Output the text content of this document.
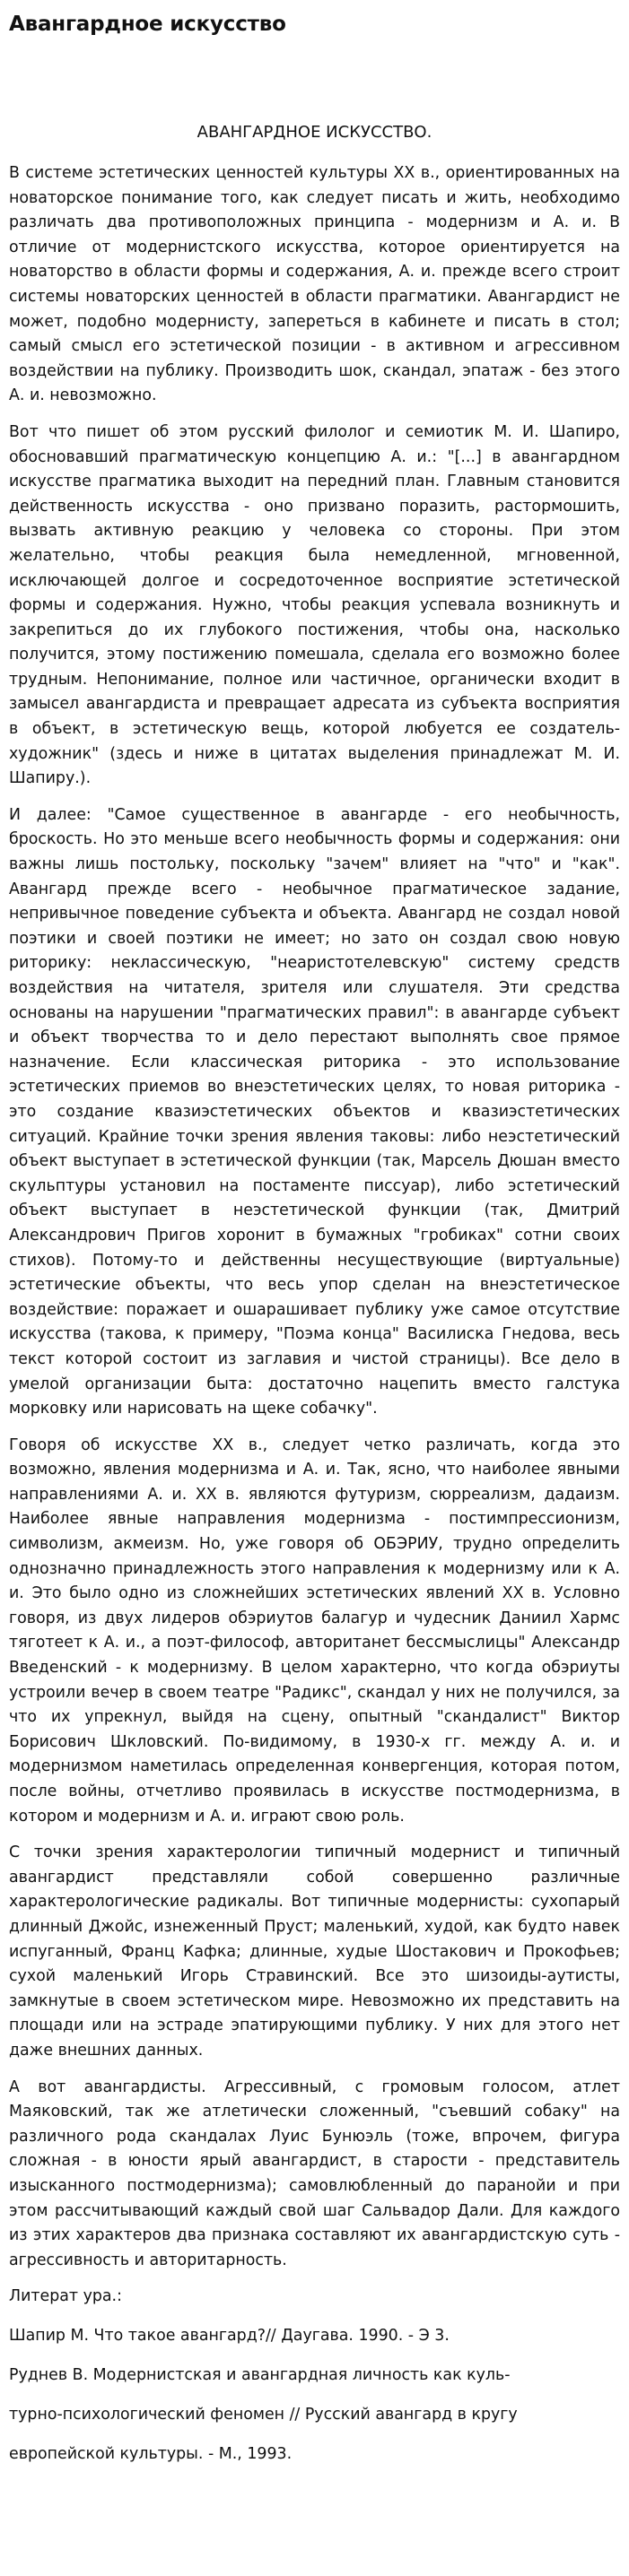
Авангардное искусство
АВАНГАРДНОЕ ИСКУССТВО.

В системе эстетических ценностей культуры XX в., ориентированных на новаторское понимание того, как следует писать и жить, необходимо различать два противоположных принципа - модернизм и А. и. В отличие от модернистского искусства, которое ориентируется на новаторство в области формы и содержания, А. и. прежде всего строит системы новаторских ценностей в области прагматики. Авангардист не может, подобно модернисту, запереться в кабинете и писать в стол; самый смысл его эстетической позиции - в активном и агрессивном воздействии на публику. Производить шок, скандал, эпатаж - без этого А. и. невозможно.

Вот что пишет об этом русский филолог и семиотик М. И. Шапиро, обосновавший прагматическую концепцию А. и.: "[...] в авангардном искусстве прагматика выходит на передний план. Главным становится действенность искусства - оно призвано поразить, растормошить, вызвать активную реакцию у человека со стороны. При этом желательно, чтобы реакция была немедленной, мгновенной, исключающей долгое и сосредоточенное восприятие эстетической формы и содержания. Нужно, чтобы реакция успевала возникнуть и закрепиться до их глубокого постижения, чтобы она, насколько получится, этому постижению помешала, сделала его возможно более трудным. Непонимание, полное или частичное, органически входит в замысел авангардиста и превращает адресата из субъекта восприятия в объект, в эстетическую вещь, которой любуется ее создатель-художник" (здесь и ниже в цитатах выделения принадлежат М. И. Шапиру.).

И далее: "Самое существенное в авангарде - его необычность, броскость. Но это меньше всего необычность формы и содержания: они важны лишь постольку, поскольку "зачем" влияет на "что" и "как". Авангард прежде всего - необычное прагматическое задание, непривычное поведение субъекта и объекта. Авангард не создал новой поэтики и своей поэтики не имеет; но зато он создал свою новую риторику: неклассическую, "неаристотелевскую" систему средств воздействия на читателя, зрителя или слушателя. Эти средства основаны на нарушении "прагматических правил": в авангарде субъект и объект творчества то и дело перестают выполнять свое прямое назначение. Если классическая риторика - это использование эстетических приемов во внеэстетических целях, то новая риторика - это создание квазиэстетических объектов и квазиэстетических ситуаций. Крайние точки зрения явления таковы: либо неэстетический объект выступает в эстетической функции (так, Марсель Дюшан вместо скульптуры установил на постаменте писсуар), либо эстетический объект выступает в неэстетической функции (так, Дмитрий Александрович Пригов хоронит в бумажных "гробиках" сотни своих стихов). Потому-то и действенны несуществующие (виртуальные) эстетические объекты, что весь упор сделан на внеэстетическое воздействие: поражает и ошарашивает публику уже самое отсутствие искусства (такова, к примеру, "Поэма конца" Василиска Гнедова, весь текст которой состоит из заглавия и чистой страницы). Все дело в умелой организации быта: достаточно нацепить вместо галстука морковку или нарисовать на щеке собачку".

Говоря об искусстве XX в., следует четко различать, когда это возможно, явления модернизма и А. и. Так, ясно, что наиболее явными направлениями А. и. XX в. являются футуризм, сюрреализм, дадаизм. Наиболее явные направления модернизма - постимпрессионизм, символизм, акмеизм. Но, уже говоря об ОБЭРИУ, трудно определить однозначно принадлежность этого направления к модернизму или к А. и. Это было одно из сложнейших эстетических явлений XX в. Условно говоря, из двух лидеров обэриутов балагур и чудесник Даниил Хармс тяготеет к А. и., а поэт-философ, автоританет бессмыслицы" Александр Введенский - к модернизму. В целом характерно, что когда обэриуты устроили вечер в своем театре "Радикс", скандал у них не получился, за что их упрекнул, выйдя на сцену, опытный "скандалист" Виктор Борисович Шкловский. По-видимому, в 1930-х гг. между А. и. и модернизмом наметилась определенная конвергенция, которая потом, после войны, отчетливо проявилась в искусстве постмодернизма, в котором и модернизм и А. и. играют свою роль.

С точки зрения характерологии типичный модернист и типичный авангардист представляли собой совершенно различные характерологические радикалы. Вот типичные модернисты: сухопарый длинный Джойс, изнеженный Пруст; маленький, худой, как будто навек испуганный, Франц Кафка; длинные, худые Шостакович и Прокофьев; сухой маленький Игорь Стравинский. Все это шизоиды-аутисты, замкнутые в своем эстетическом мире. Невозможно их представить на площади или на эстраде эпатирующими публику. У них для этого нет даже внешних данных.

А вот авангардисты. Агрессивный, с громовым голосом, атлет Маяковский, так же атлетически сложенный, "съевший собаку" на различного рода скандалах Луис Бунюэль (тоже, впрочем, фигура сложная - в юности ярый авангардист, в старости - представитель изысканного постмодернизма); самовлюбленный до паранойи и при этом рассчитывающий каждый свой шаг Сальвадор Дали. Для каждого из этих характеров два признака составляют их авангардистскую суть - агрессивность и авторитарность.

Литерат ура.:

Шапир М. Что такое авангард?// Даугава. 1990. - Э 3.

Руднев В. Модернистская и авангардная личность как куль-

турно-психологический феномен // Русский авангард в кругу

европейской культуры. - М., 1993.
